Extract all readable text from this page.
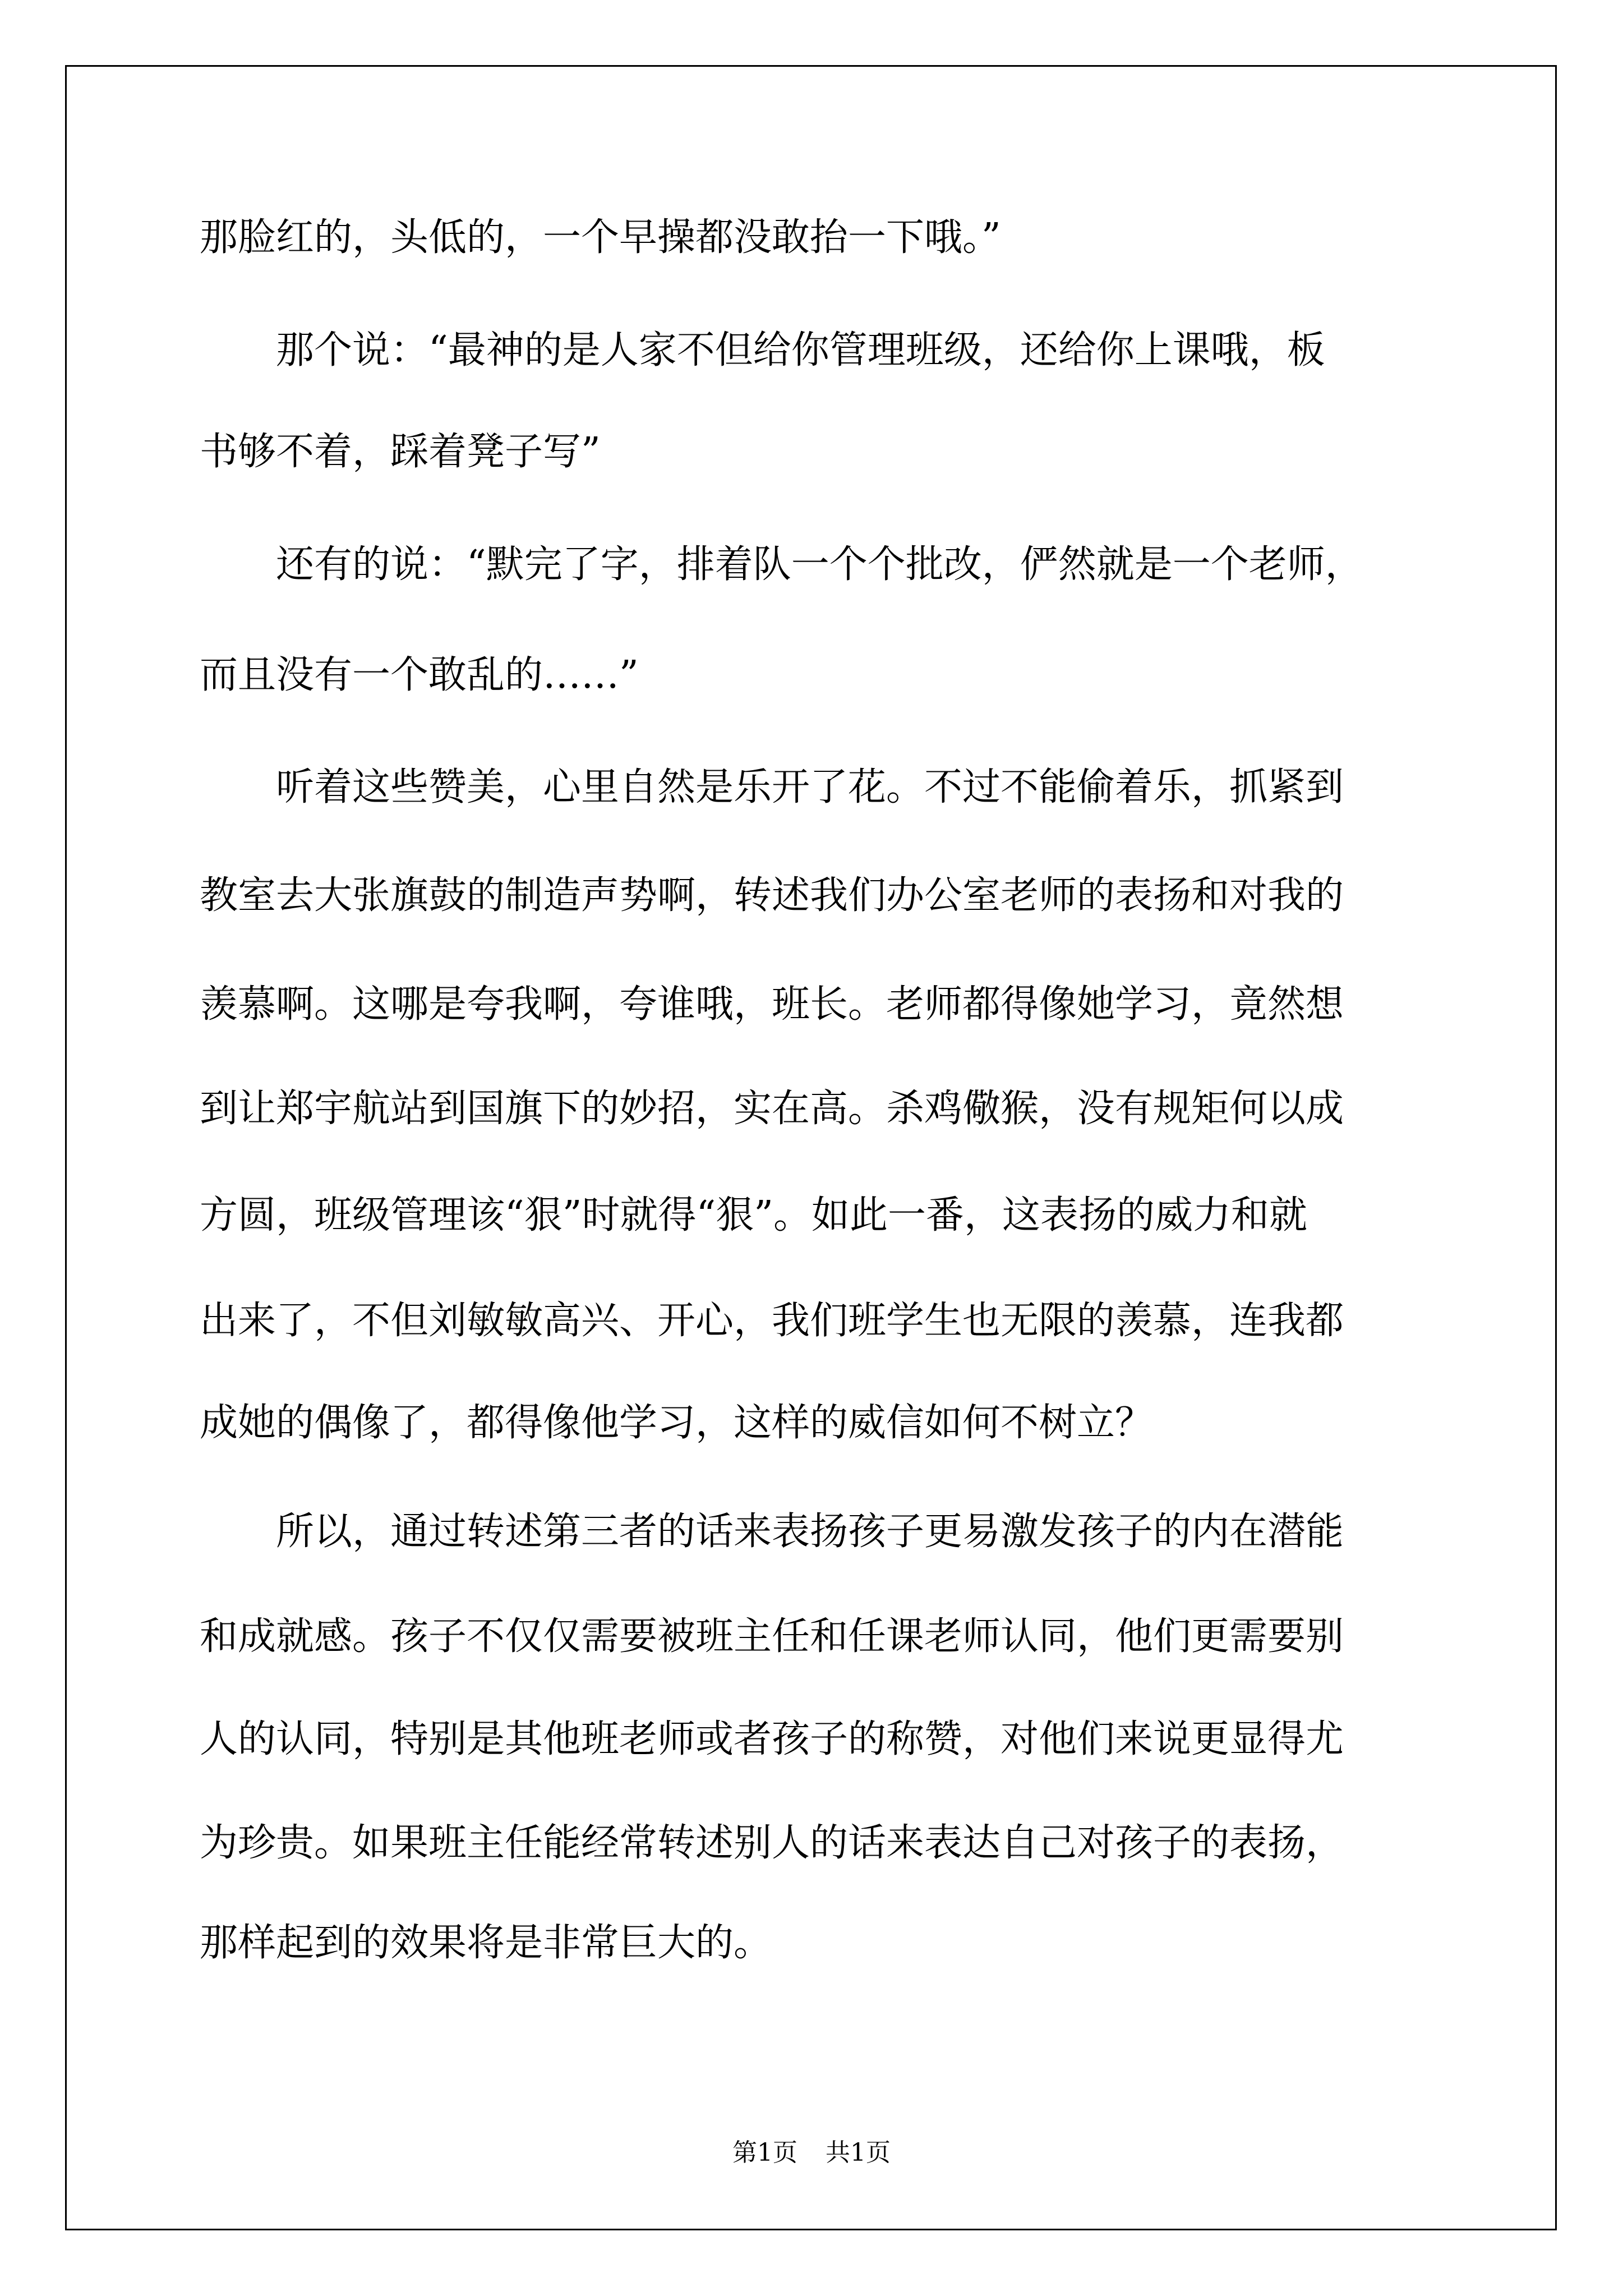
那脸红的，头低的，一个早操都没敢抬一下哦。”
　　那个说：“最神的是人家不但给你管理班级，还给你上课哦，板
书够不着，踩着凳子写”
　　还有的说：“默完了字，排着队一个个批改，俨然就是一个老师，
而且没有一个敢乱的……”
　　听着这些赞美，心里自然是乐开了花。不过不能偷着乐，抓紧到
教室去大张旗鼓的制造声势啊，转述我们办公室老师的表扬和对我的
羡慕啊。这哪是夸我啊，夸谁哦，班长。老师都得像她学习，竟然想
到让郑宇航站到国旗下的妙招，实在高。杀鸡儆猴，没有规矩何以成
方圆，班级管理该“狠”时就得“狠”。如此一番，这表扬的威力和就
出来了，不但刘敏敏高兴、开心，我们班学生也无限的羡慕，连我都
成她的偶像了，都得像他学习，这样的威信如何不树立？
　　所以，通过转述第三者的话来表扬孩子更易激发孩子的内在潜能
和成就感。孩子不仅仅需要被班主任和任课老师认同，他们更需要别
人的认同，特别是其他班老师或者孩子的称赞，对他们来说更显得尤
为珍贵。如果班主任能经常转述别人的话来表达自己对孩子的表扬，
那样起到的效果将是非常巨大的。
第1页 共1页
